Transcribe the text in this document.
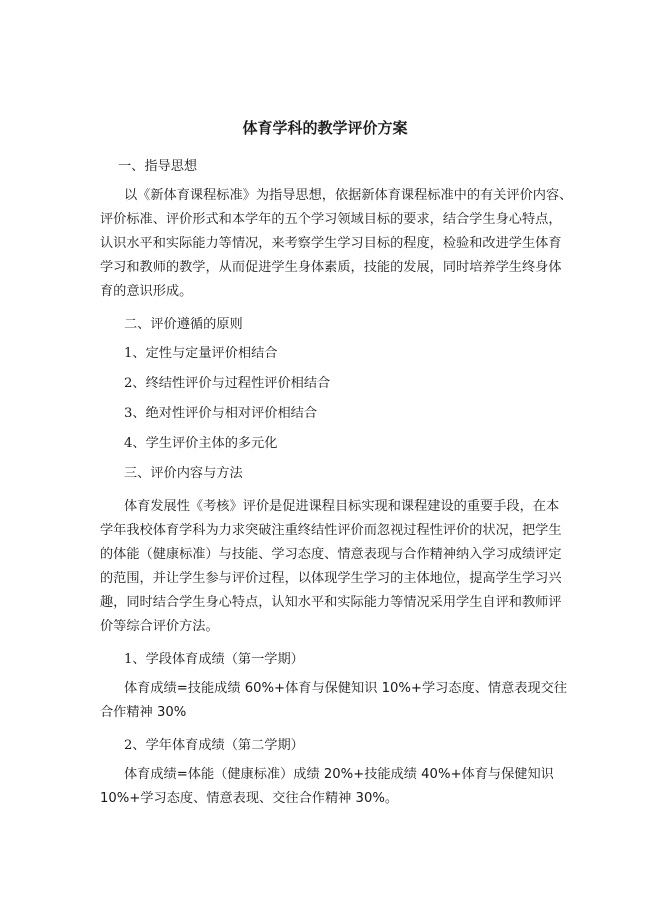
体育学科的教学评价方案
一、指导思想
以《新体育课程标准》为指导思想，依据新体育课程标准中的有关评价内容、
评价标准、评价形式和本学年的五个学习领域目标的要求，结合学生身心特点，
认识水平和实际能力等情况，来考察学生学习目标的程度，检验和改进学生体育
学习和教师的教学，从而促进学生身体素质，技能的发展，同时培养学生终身体
育的意识形成。
二、评价遵循的原则
1、定性与定量评价相结合
2、终结性评价与过程性评价相结合
3、绝对性评价与相对评价相结合
4、学生评价主体的多元化
三、评价内容与方法
体育发展性《考核》评价是促进课程目标实现和课程建设的重要手段，在本
学年我校体育学科为力求突破注重终结性评价而忽视过程性评价的状况，把学生
的体能（健康标准）与技能、学习态度、情意表现与合作精神纳入学习成绩评定
的范围，并让学生参与评价过程，以体现学生学习的主体地位，提高学生学习兴
趣，同时结合学生身心特点，认知水平和实际能力等情况采用学生自评和教师评
价等综合评价方法。
1、学段体育成绩（第一学期）
体育成绩=技能成绩 60%+体育与保健知识 10%+学习态度、情意表现交往
合作精神 30%
2、学年体育成绩（第二学期）
体育成绩=体能（健康标准）成绩 20%+技能成绩 40%+体育与保健知识
10%+学习态度、情意表现、交往合作精神 30%。
